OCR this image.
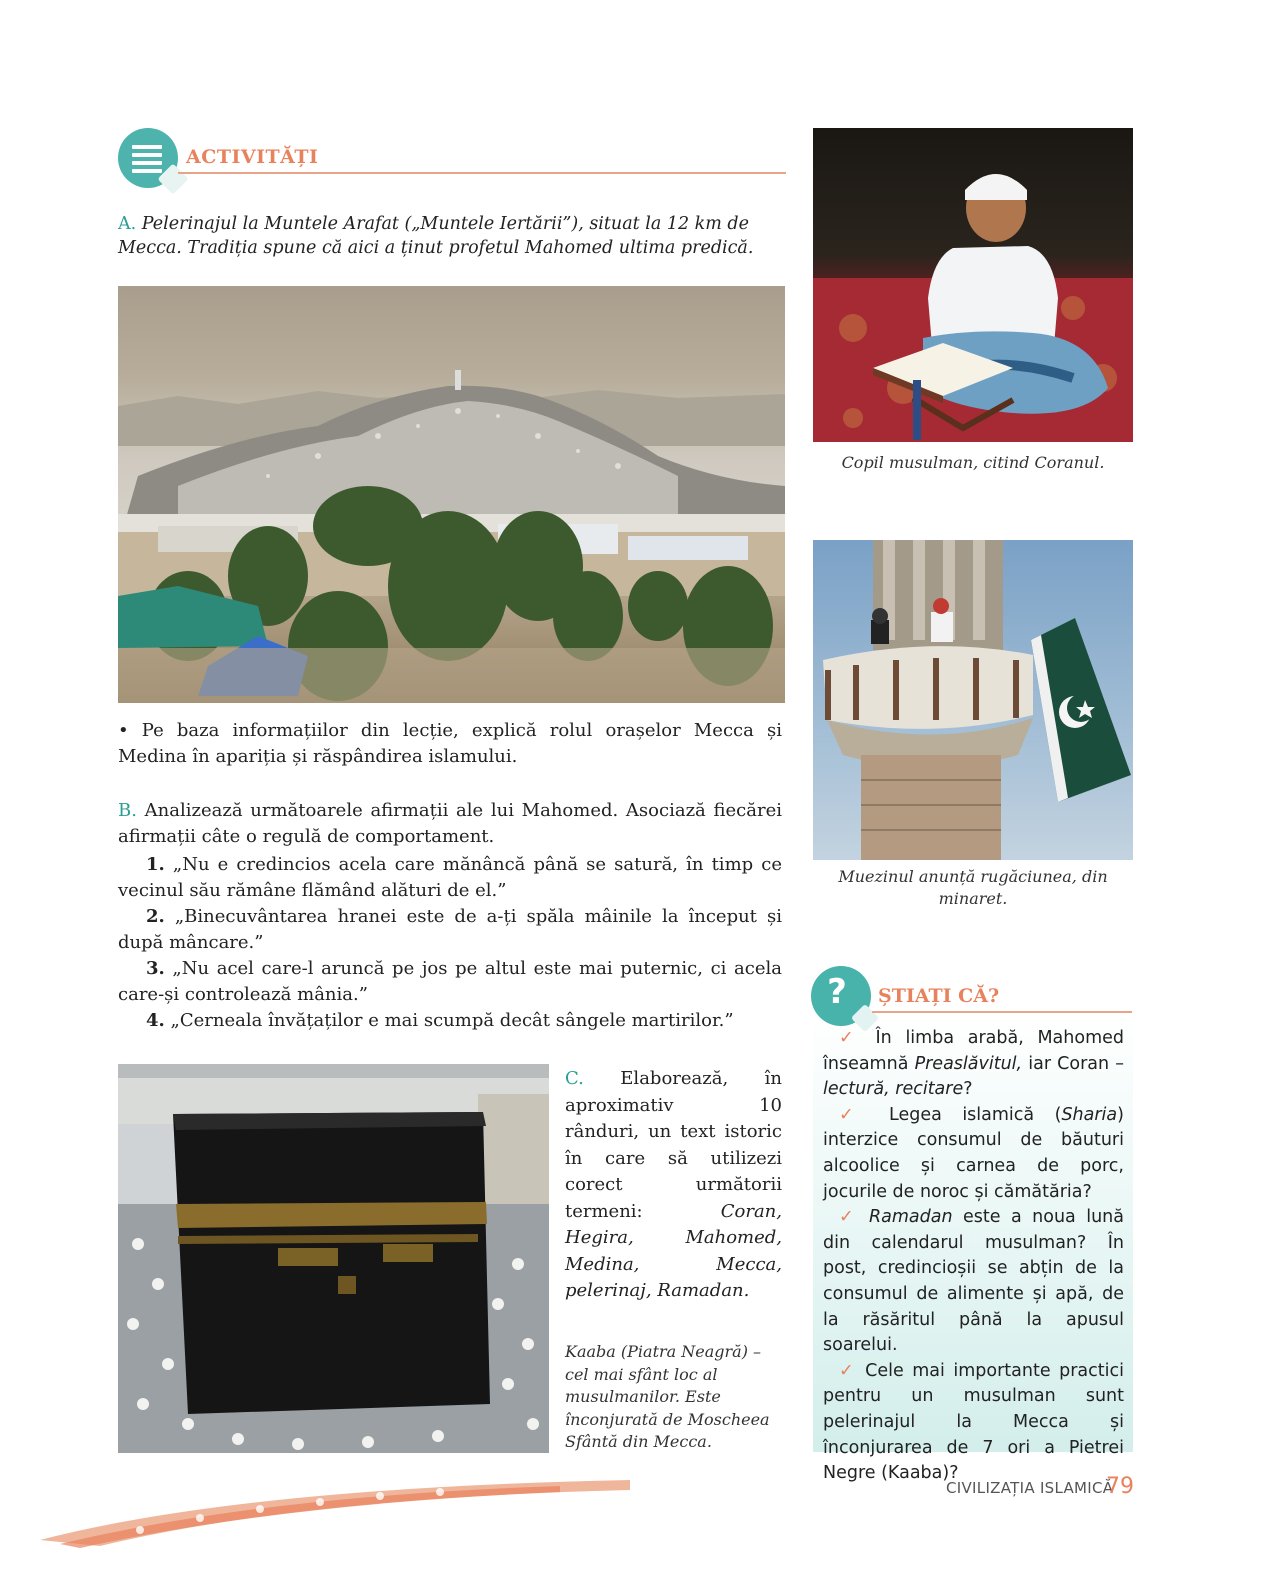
ACTIVITĂȚI
A. Pelerinajul la Muntele Arafat („Muntele Iertării”), situat la 12 km de Mecca. Tradiția spune că aici a ținut profetul Mahomed ultima predică.
• Pe baza informațiilor din lecție, explică rolul orașelor Mecca și Medina în apariția și răspândirea islamului.
B. Analizează următoarele afirmații ale lui Mahomed. Asociază fiecărei afirmații câte o regulă de comportament.
1. „Nu e credincios acela care mănâncă până se satură, în timp ce vecinul său rămâne flămând alături de el.”
2. „Binecuvântarea hranei este de a-ți spăla mâinile la început și după mâncare.”
3. „Nu acel care-l aruncă pe jos pe altul este mai puternic, ci acela care-și controlează mânia.”
4. „Cerneala învățaților e mai scumpă decât sângele martirilor.”
C. Elaborează, în aproximativ 10 rânduri, un text istoric în care să utilizezi corect următorii termeni:	Coran, Hegira, Mahomed, Medina, Mecca, pelerinaj, Ramadan.
Kaaba (Piatra Neagră) – cel mai sfânt loc al musulmanilor. Este înconjurată de Moscheea Sfântă din Mecca.
Copil musulman, citind Coranul.
Muezinul anunță rugăciunea, din minaret.
?	ȘTIAȚI CĂ?
✓ În limba arabă, Mahomed înseamnă Preaslăvitul, iar Coran – lectură, recitare?
✓ Legea islamică (Sharia) interzice consumul de băuturi alcoolice și carnea de porc, jocurile de noroc și cămătăria?
✓ Ramadan este a noua lună din calendarul musulman? În post, credincioșii se abțin de la consumul de alimente și apă, de la răsăritul până la apusul soarelui.
✓ Cele mai importante practici pentru un musulman sunt pelerinajul la Mecca și înconjurarea de 7 ori a Pietrei Negre (Kaaba)?
CIVILIZAȚIA ISLAMICĂ
79
